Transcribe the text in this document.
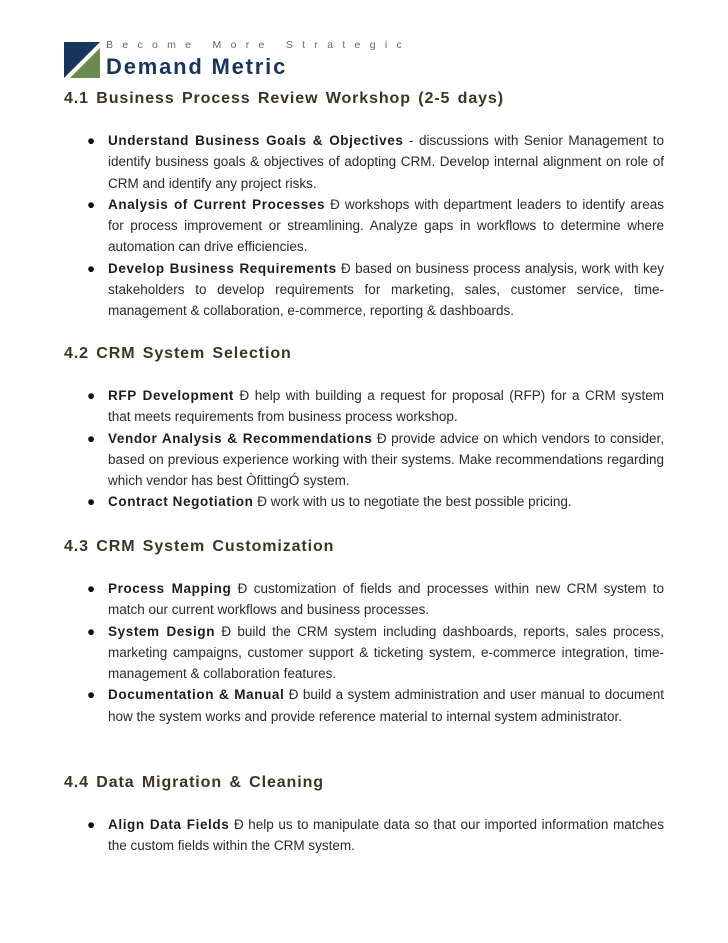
Become More Strategic
Demand Metric
4.1 Business Process Review Workshop (2-5 days)
● Understand Business Goals & Objectives - discussions with Senior Management to identify business goals & objectives of adopting CRM. Develop internal alignment on role of CRM and identify any project risks.
● Analysis of Current Processes Ð workshops with department leaders to identify areas for process improvement or streamlining. Analyze gaps in workflows to determine where automation can drive efficiencies.
● Develop Business Requirements Ð based on business process analysis, work with key stakeholders to develop requirements for marketing, sales, customer service, time-management & collaboration, e-commerce, reporting & dashboards.
4.2 CRM System Selection
● RFP Development Ð help with building a request for proposal (RFP) for a CRM system that meets requirements from business process workshop.
● Vendor Analysis & Recommendations Ð provide advice on which vendors to consider, based on previous experience working with their systems. Make recommendations regarding which vendor has best ÒfittingÓ system.
● Contract Negotiation Ð work with us to negotiate the best possible pricing.
4.3 CRM System Customization
● Process Mapping Ð customization of fields and processes within new CRM system to match our current workflows and business processes.
● System Design Ð build the CRM system including dashboards, reports, sales process, marketing campaigns, customer support & ticketing system, e-commerce integration, time-management & collaboration features.
● Documentation & Manual Ð build a system administration and user manual to document how the system works and provide reference material to internal system administrator.
4.4 Data Migration & Cleaning
● Align Data Fields Ð help us to manipulate data so that our imported information matches the custom fields within the CRM system.
